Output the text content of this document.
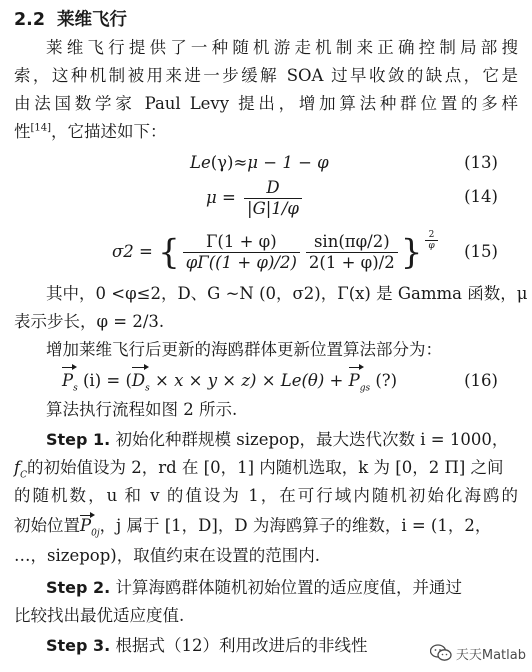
2.2 莱维飞行
莱维飞行提供了一种随机游走机制来正确控制局部搜
索，这种机制被用来进一步缓解 SOA 过早收敛的缺点，它是
由法国数学家 Paul Levy 提出，增加算法种群位置的多样
性[14]，它描述如下：
Le(γ)≈μ − 1 − φ	(13)
$\mu = \frac{D}{|G|1/\varphi}$	(14)
σ2 = { $\frac{\Gamma(1 + \varphi)}{\varphi\Gamma((1 + \varphi)/2)} \frac{\sin(\pi\varphi/2)}{2(1 + \varphi)/2}$ } $\frac{2}{\varphi}$
(15)
其中，0 <φ≤2，D、G ~N (0，σ2)，Γ(x) 是 Gamma 函数，μ
表示步长，φ = 2/3.
增加莱维飞行后更新的海鸥群体更新位置算法部分为：
$P_s$ $(i) = (D_s \times x \times y \times z) \times Le(\theta) + P_{gs}$ (?)	(16)
算法执行流程如图 2 所示.
Step 1. 初始化种群规模 sizepop，最大迭代次数 i = 1000，
$f_C$的初始值设为 2，rd 在 [0，1] 内随机选取，k 为 [0，2 Π] 之间
的随机数，u 和 v 的值设为 1，在可行域内随机初始化海鸥的
初始位置$P_{0j}$，j 属于 [1，D]，D 为海鸥算子的维数，i = (1，2，
…，sizepop)，取值约束在设置的范围内.
Step 2. 计算海鸥群体随机初始位置的适应度值，并通过
比较找出最优适应度值.
Step 3. 根据式（12）利用改进后的非线性	天天Matlab
